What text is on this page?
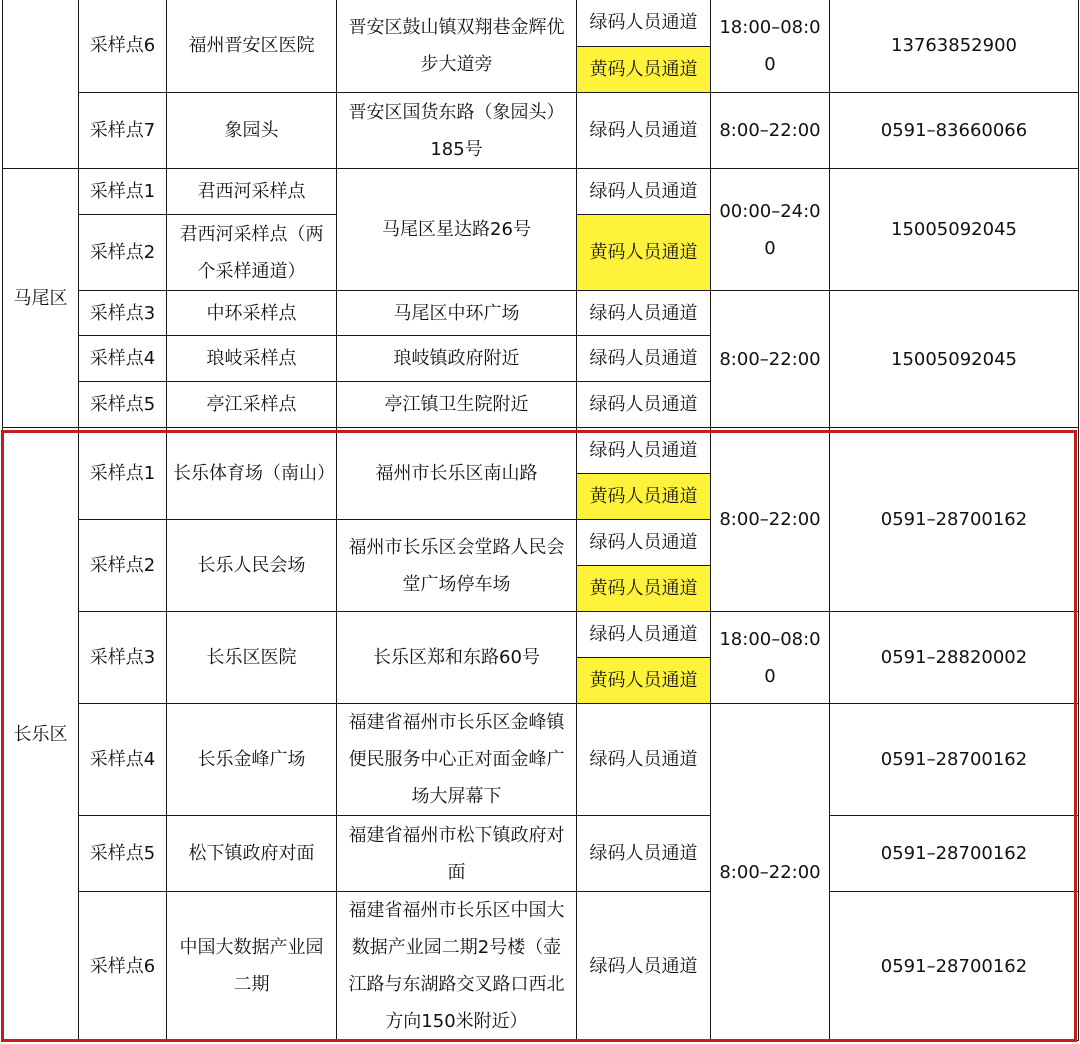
	采样点6	福州晋安区医院	晋安区鼓山镇双翔巷金辉优步大道旁	绿码人员通道	18:00–08:00	13763852900
				黄码人员通道		
	采样点7	象园头	晋安区国货东路（象园头）185号	绿码人员通道	8:00–22:00	0591–83660066
马尾区	采样点1	君西河采样点	马尾区星达路26号	绿码人员通道	00:00–24:00	15005092045
	采样点2	君西河采样点（两个采样通道）		黄码人员通道		
	采样点3	中环采样点	马尾区中环广场	绿码人员通道	8:00–22:00	15005092045
	采样点4	琅岐采样点	琅岐镇政府附近	绿码人员通道		
	采样点5	亭江采样点	亭江镇卫生院附近	绿码人员通道		
长乐区	采样点1	长乐体育场（南山）	福州市长乐区南山路	绿码人员通道	8:00–22:00	0591–28700162
				黄码人员通道		
	采样点2	长乐人民会场	福州市长乐区会堂路人民会堂广场停车场	绿码人员通道		
				黄码人员通道		
	采样点3	长乐区医院	长乐区郑和东路60号	绿码人员通道	18:00–08:00	0591–28820002
				黄码人员通道		
	采样点4	长乐金峰广场	福建省福州市长乐区金峰镇便民服务中心正对面金峰广场大屏幕下	绿码人员通道	8:00–22:00	0591–28700162
	采样点5	松下镇政府对面	福建省福州市松下镇政府对面	绿码人员通道		0591–28700162
	采样点6	中国大数据产业园二期	福建省福州市长乐区中国大数据产业园二期2号楼（壶江路与东湖路交叉路口西北方向150米附近）	绿码人员通道		0591–28700162
